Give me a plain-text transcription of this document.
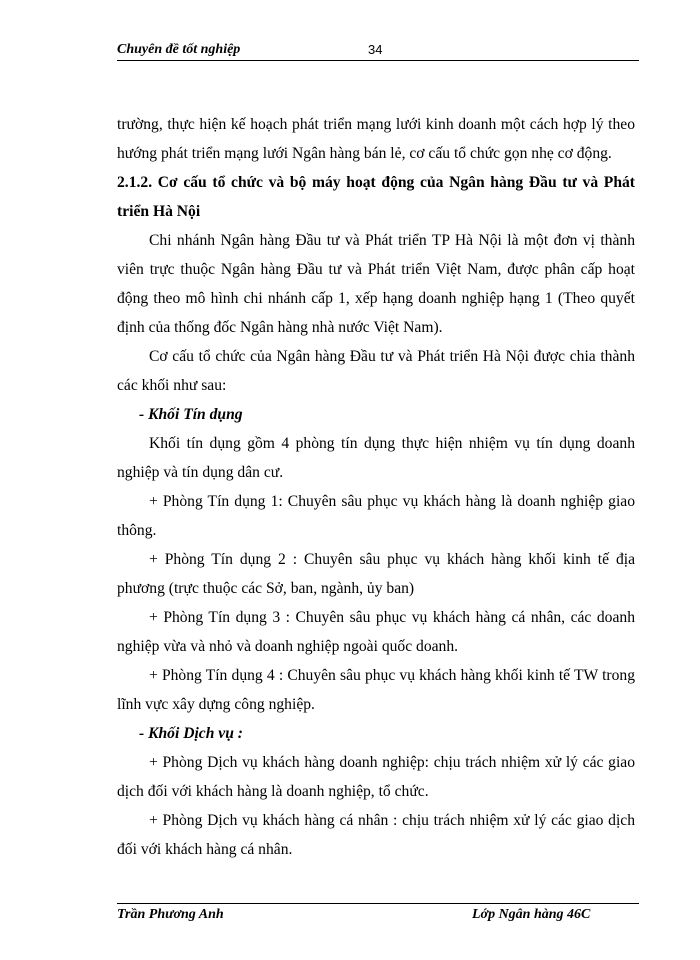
Chuyên đề tốt nghiệp	34

trường, thực hiện kế hoạch phát triển mạng lưới kinh doanh một cách hợp lý theo hướng phát triển mạng lưới Ngân hàng bán lẻ, cơ cấu tổ chức gọn nhẹ cơ động.

2.1.2. Cơ cấu tổ chức và bộ máy hoạt động của Ngân hàng Đầu tư và Phát triển Hà Nội

Chi nhánh Ngân hàng Đầu tư và Phát triển TP Hà Nội là một đơn vị thành viên trực thuộc Ngân hàng Đầu tư và Phát triển Việt Nam, được phân cấp hoạt động theo mô hình chi nhánh cấp 1, xếp hạng doanh nghiệp hạng 1 (Theo quyết định của thống đốc Ngân hàng nhà nước Việt Nam).

Cơ cấu tổ chức của Ngân hàng Đầu tư và Phát triển Hà Nội được chia thành các khối như sau:

- Khối Tín dụng

Khối tín dụng gồm 4 phòng tín dụng thực hiện nhiệm vụ tín dụng doanh nghiệp và tín dụng dân cư.

+ Phòng Tín dụng 1: Chuyên sâu phục vụ khách hàng là doanh nghiệp giao thông.

+ Phòng Tín dụng 2 : Chuyên sâu phục vụ khách hàng khối kinh tế địa phương (trực thuộc các Sở, ban, ngành, ủy ban)

+ Phòng Tín dụng 3 : Chuyên sâu phục vụ khách hàng cá nhân, các doanh nghiệp vừa và nhỏ và doanh nghiệp ngoài quốc doanh.

+ Phòng Tín dụng 4 : Chuyên sâu phục vụ khách hàng khối kinh tế TW trong lĩnh vực xây dựng công nghiệp.

- Khối Dịch vụ :

+ Phòng Dịch vụ khách hàng doanh nghiệp: chịu trách nhiệm xử lý các giao dịch đối với khách hàng là doanh nghiệp, tổ chức.

+ Phòng Dịch vụ khách hàng cá nhân : chịu trách nhiệm xử lý các giao dịch đối với khách hàng cá nhân.

Trần Phương Anh	Lớp Ngân hàng 46C
